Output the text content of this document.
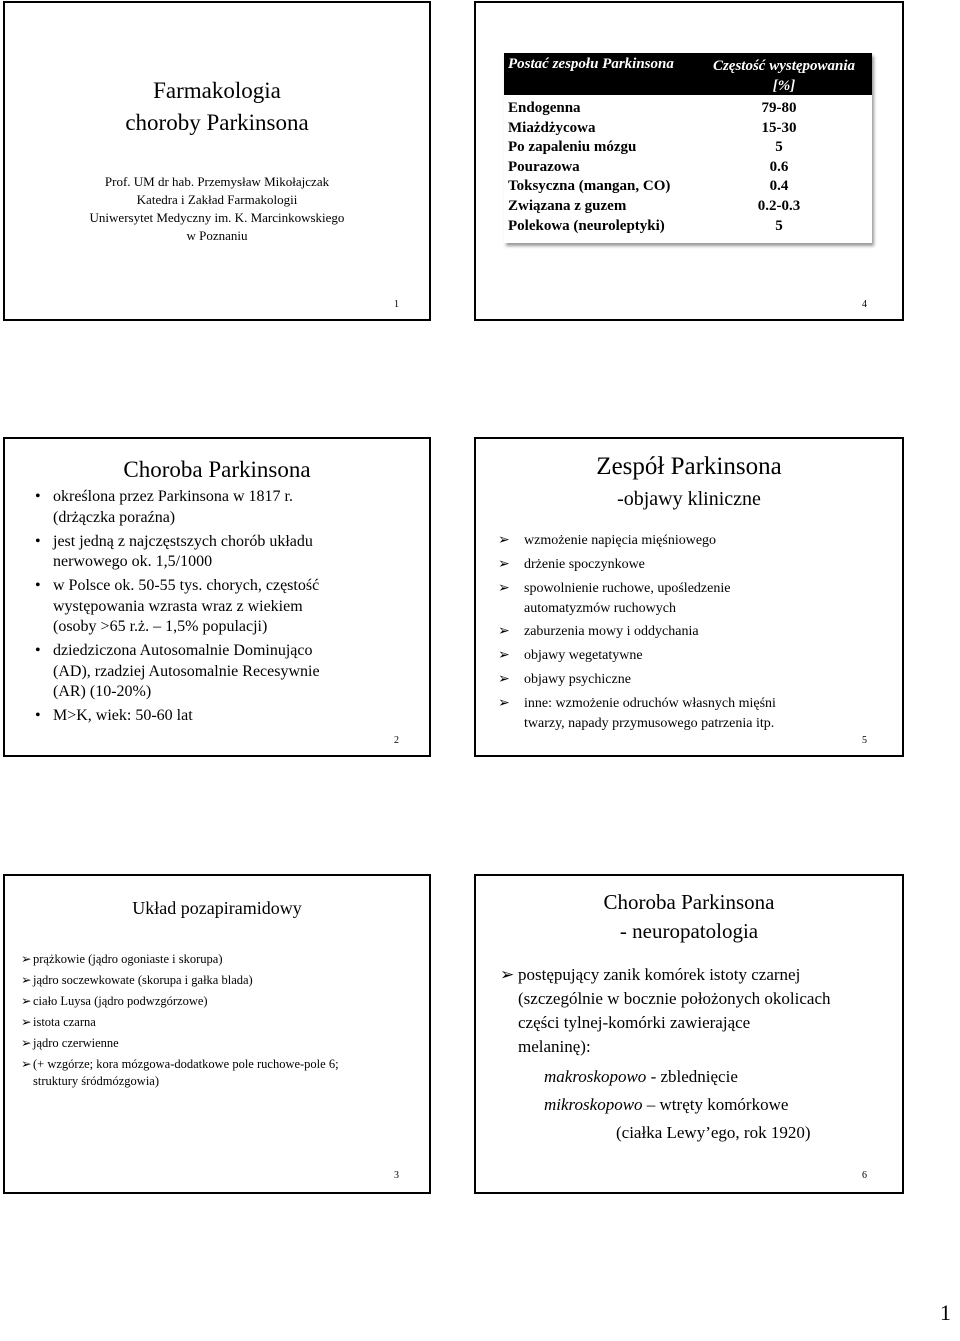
Farmakologia
choroby Parkinsona
Prof. UM dr hab. Przemysław Mikołajczak
Katedra i Zakład Farmakologii
Uniwersytet Medyczny im. K. Marcinkowskiego
w Poznaniu
1
Postać zespołu Parkinsona	Częstość występowania
[%]
Endogenna	79-80
Miażdżycowa	15-30
Po zapaleniu mózgu	5
Pourazowa	0.6
Toksyczna (mangan, CO)	0.4
Związana z guzem	0.2-0.3
Polekowa (neuroleptyki)	5
4
Choroba Parkinsona
• określona przez Parkinsona w 1817 r.
(drżączka poraźna)
• jest jedną z najczęstszych chorób układu
nerwowego ok. 1,5/1000
• w Polsce ok. 50-55 tys. chorych, częstość
występowania wzrasta wraz z wiekiem
(osoby >65 r.ż. – 1,5% populacji)
• dziedziczona Autosomalnie Dominująco
(AD), rzadziej Autosomalnie Recesywnie
(AR) (10-20%)
• M>K, wiek: 50-60 lat
2
Zespół Parkinsona
-objawy kliniczne
➢ wzmożenie napięcia mięśniowego
➢ drżenie spoczynkowe
➢ spowolnienie ruchowe, upośledzenie
automatyzmów ruchowych
➢ zaburzenia mowy i oddychania
➢ objawy wegetatywne
➢ objawy psychiczne
➢ inne: wzmożenie odruchów własnych mięśni
twarzy, napady przymusowego patrzenia itp.
5
Układ pozapiramidowy
➢ prążkowie (jądro ogoniaste i skorupa)
➢ jądro soczewkowate (skorupa i gałka blada)
➢ ciało Luysa (jądro podwzgórzowe)
➢ istota czarna
➢ jądro czerwienne
➢ (+ wzgórze; kora mózgowa-dodatkowe pole ruchowe-pole 6;
struktury śródmózgowia)
3
Choroba Parkinsona
- neuropatologia
➢ postępujący zanik komórek istoty czarnej
(szczególnie w bocznie położonych okolicach
części tylnej-komórki zawierające
melaninę):
makroskopowo - zblednięcie
mikroskopowo – wtręty komórkowe
(ciałka Lewy’ego, rok 1920)
6
1
